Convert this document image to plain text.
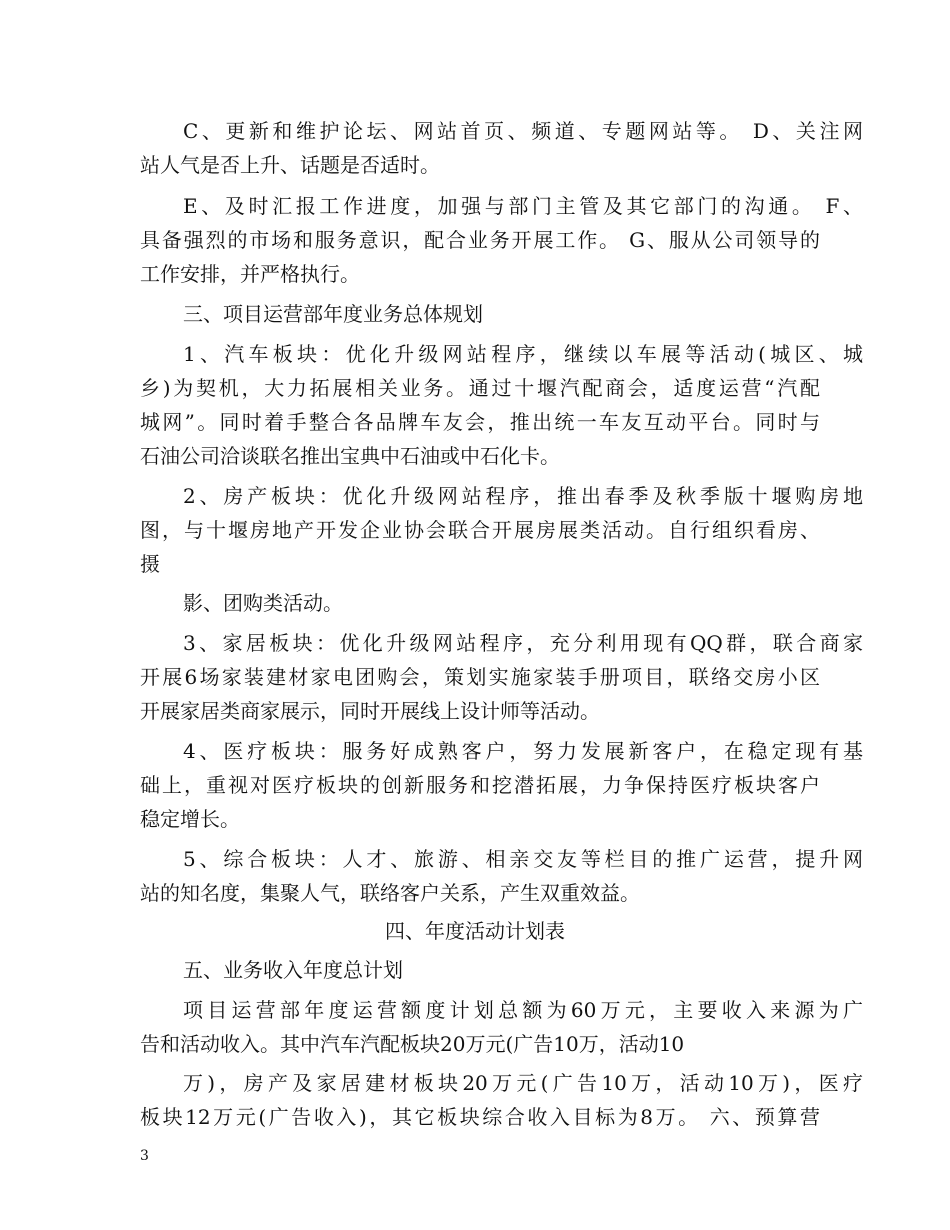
C、更新和维护论坛、网站首页、频道、专题网站等。 D、关注网
站人气是否上升、话题是否适时。
E、及时汇报工作进度，加强与部门主管及其它部门的沟通。 F、
具备强烈的市场和服务意识，配合业务开展工作。 G、服从公司领导的
工作安排，并严格执行。
三、项目运营部年度业务总体规划
1、汽车板块：优化升级网站程序，继续以车展等活动(城区、城
乡)为契机，大力拓展相关业务。通过十堰汽配商会，适度运营“汽配
城网”。同时着手整合各品牌车友会，推出统一车友互动平台。同时与
石油公司洽谈联名推出宝典中石油或中石化卡。
2、房产板块：优化升级网站程序，推出春季及秋季版十堰购房地
图，与十堰房地产开发企业协会联合开展房展类活动。自行组织看房、
摄
影、团购类活动。
3、家居板块：优化升级网站程序，充分利用现有QQ群，联合商家
开展6场家装建材家电团购会，策划实施家装手册项目，联络交房小区
开展家居类商家展示，同时开展线上设计师等活动。
4、医疗板块：服务好成熟客户，努力发展新客户，在稳定现有基
础上，重视对医疗板块的创新服务和挖潜拓展，力争保持医疗板块客户
稳定增长。
5、综合板块：人才、旅游、相亲交友等栏目的推广运营，提升网
站的知名度，集聚人气，联络客户关系，产生双重效益。
四、年度活动计划表
五、业务收入年度总计划
项目运营部年度运营额度计划总额为60万元，主要收入来源为广
告和活动收入。其中汽车汽配板块20万元(广告10万，活动10
万)，房产及家居建材板块20万元(广告10万，活动10万)，医疗
板块12万元(广告收入)，其它板块综合收入目标为8万。 六、预算营
3
